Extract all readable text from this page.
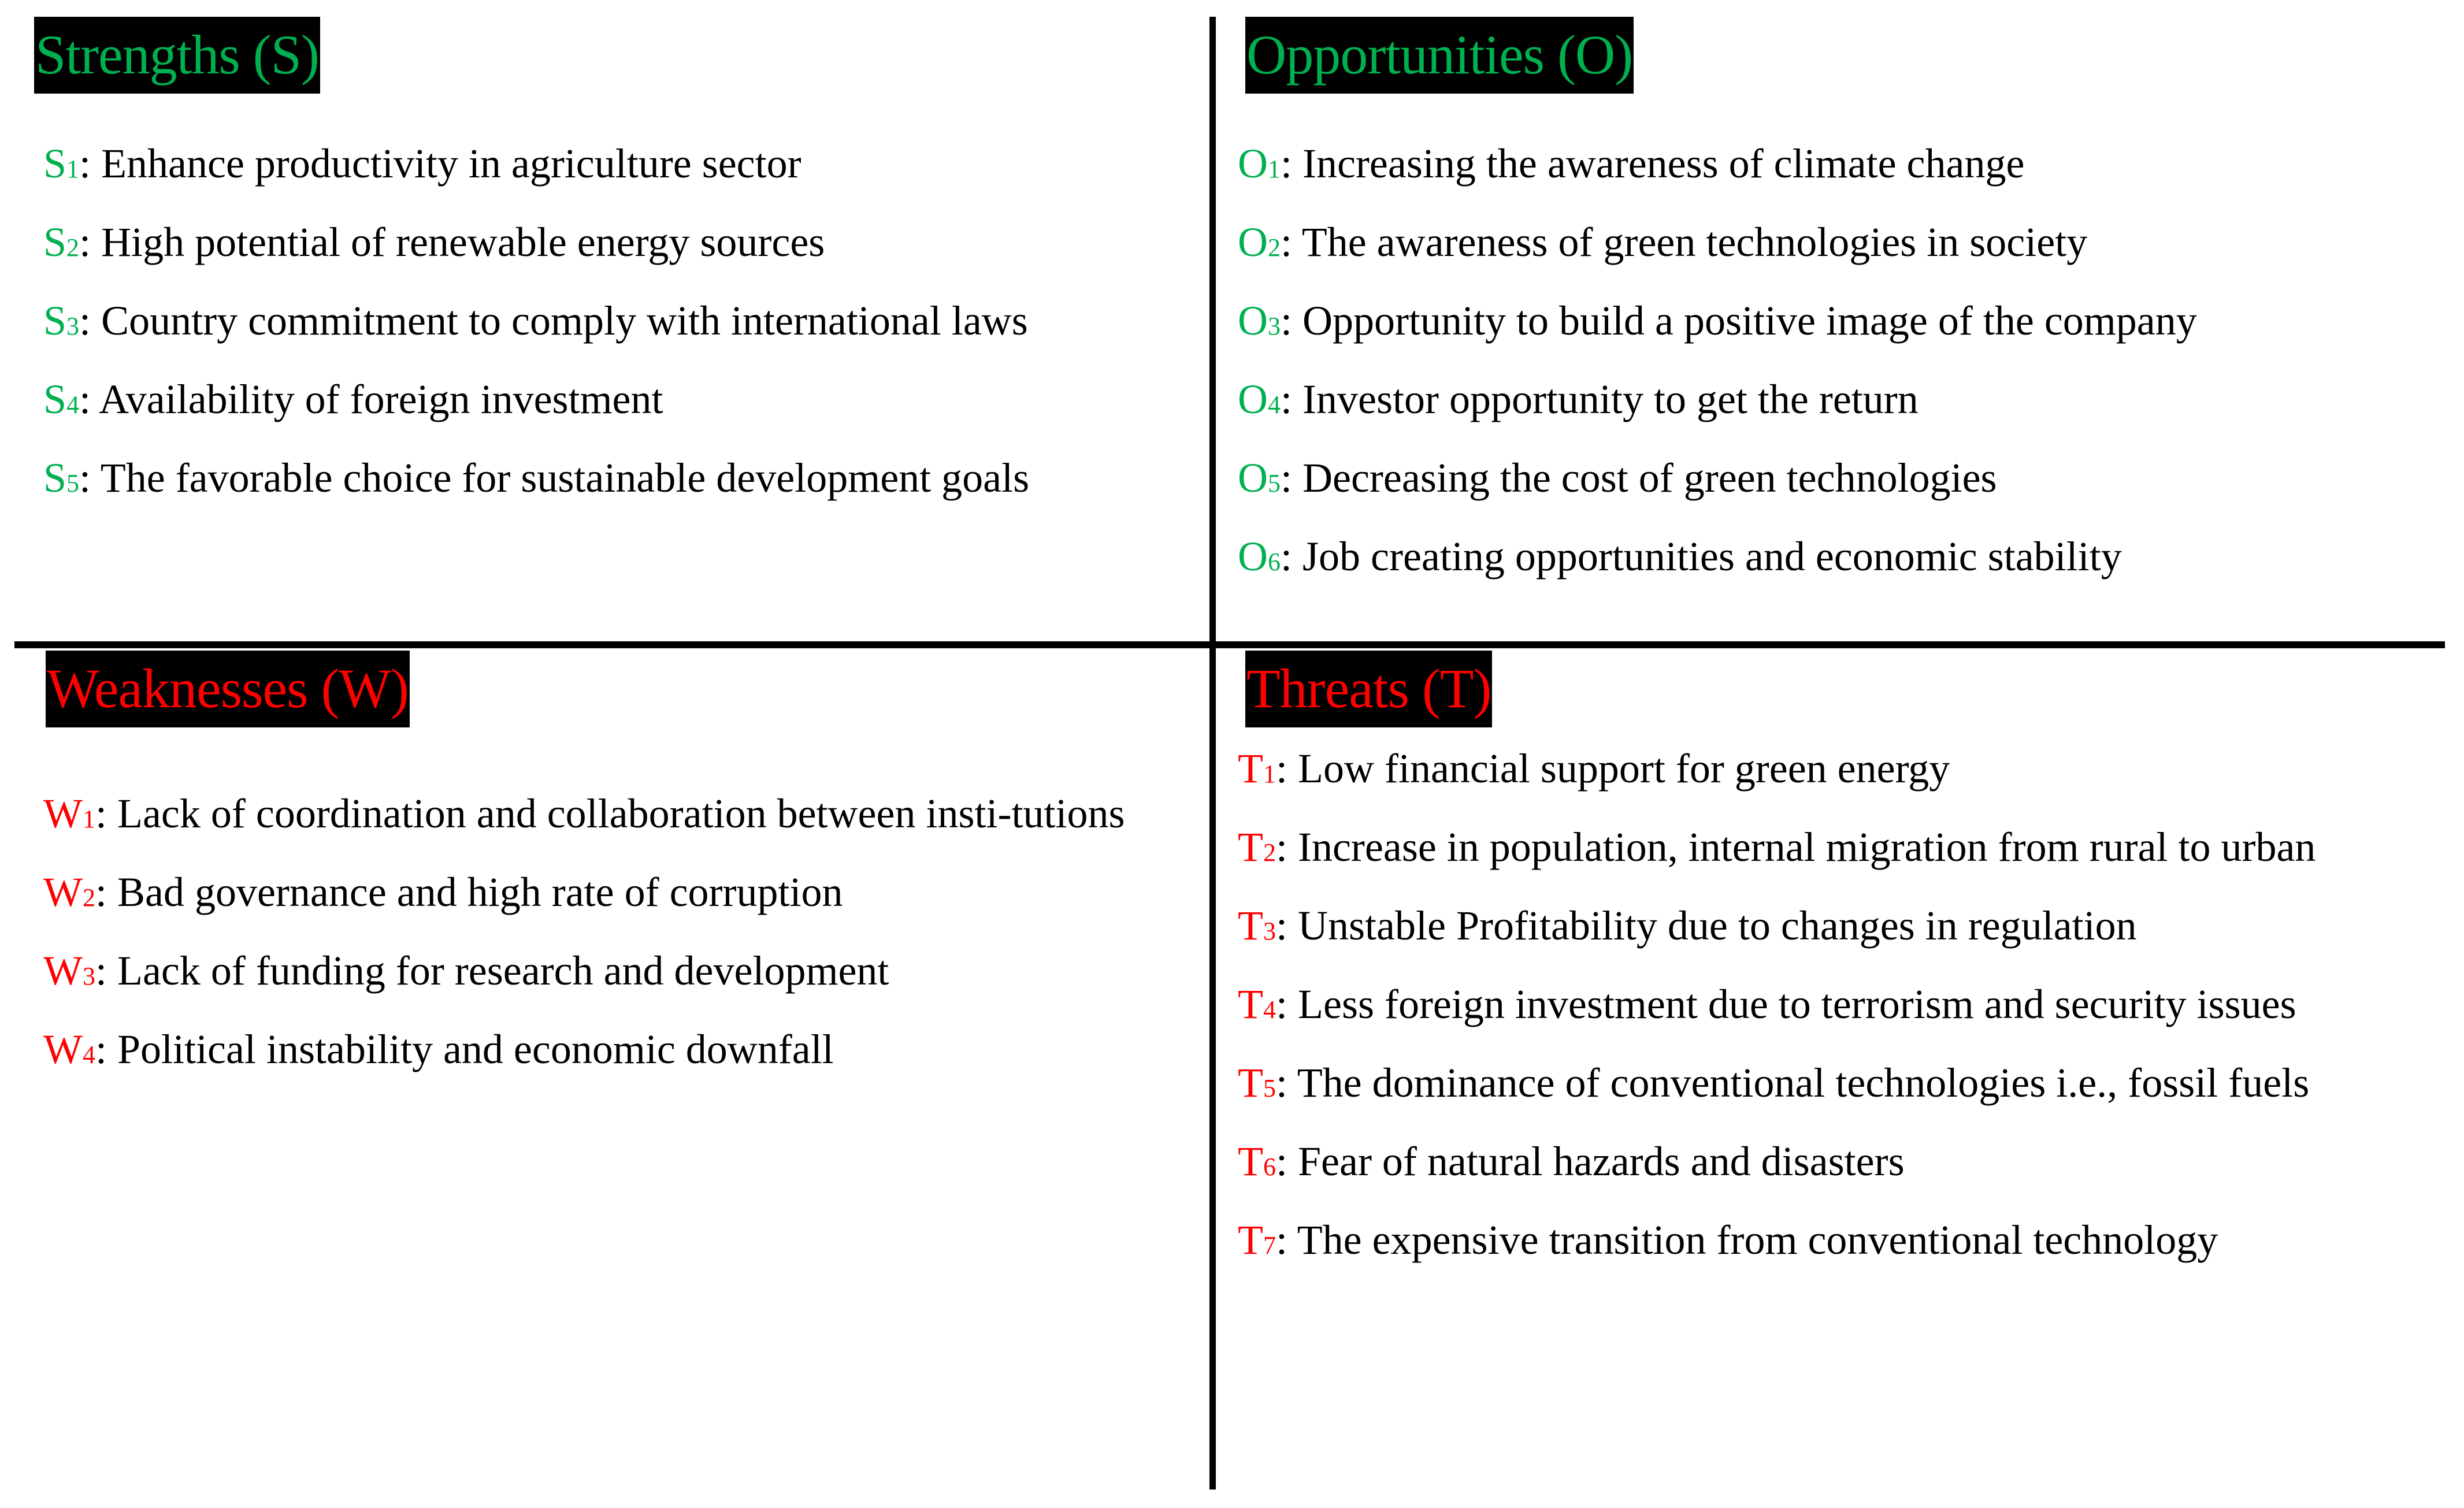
Strengths (S)
S1: Enhance productivity in agriculture sector
S2: High potential of renewable energy sources
S3: Country commitment to comply with international laws
S4: Availability of foreign investment
S5: The favorable choice for sustainable development goals
Opportunities (O)
O1: Increasing the awareness of climate change
O2: The awareness of green technologies in society
O3: Opportunity to build a positive image of the company
O4: Investor opportunity to get the return
O5: Decreasing the cost of green technologies
O6: Job creating opportunities and economic stability
Weaknesses (W)
W1: Lack of coordination and collaboration between insti-tutions
W2: Bad governance and high rate of corruption
W3: Lack of funding for research and development
W4: Political instability and economic downfall
Threats (T)
T1: Low financial support for green energy
T2: Increase in population, internal migration from rural to urban
T3: Unstable Profitability due to changes in regulation
T4: Less foreign investment due to terrorism and security issues
T5: The dominance of conventional technologies i.e., fossil fuels
T6: Fear of natural hazards and disasters
T7: The expensive transition from conventional technology
